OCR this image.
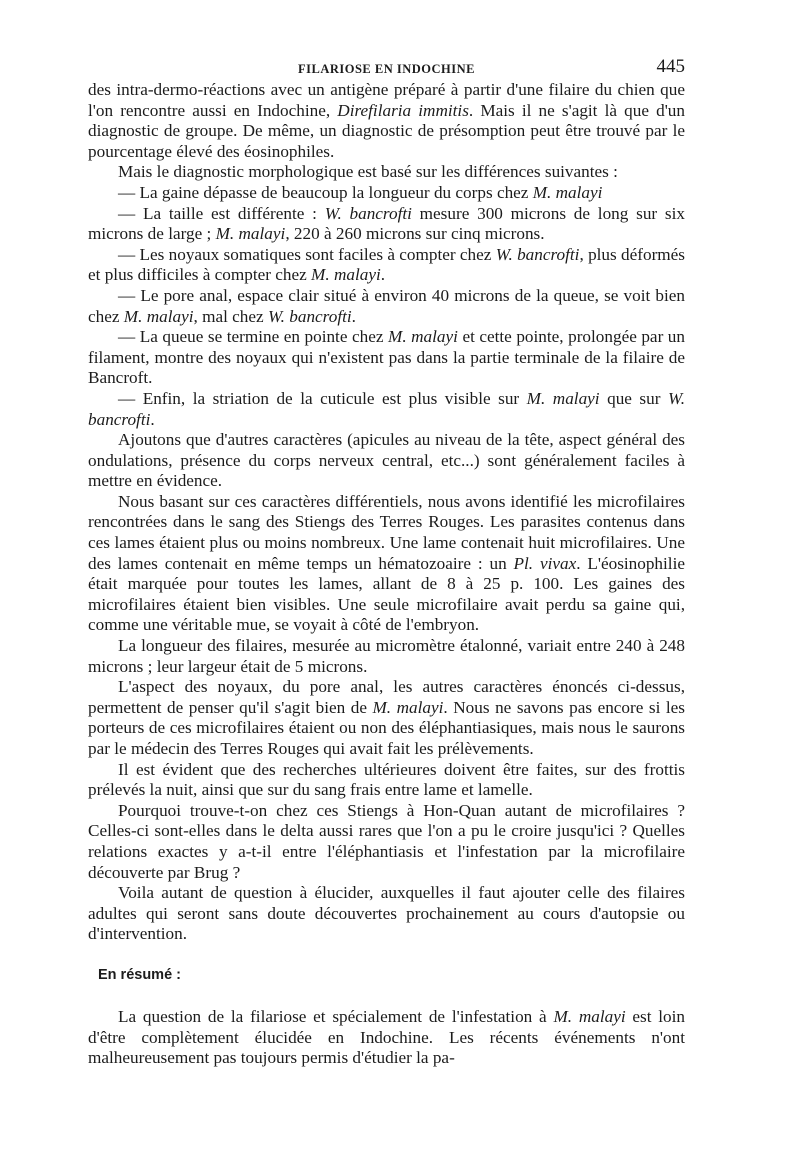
FILARIOSE EN INDOCHINE	445

des intra-dermo-réactions avec un antigène préparé à partir d'une filaire du chien que l'on rencontre aussi en Indochine, Direfilaria immitis. Mais il ne s'agit là que d'un diagnostic de groupe. De même, un diagnostic de présomption peut être trouvé par le pourcentage élevé des éosinophiles.

Mais le diagnostic morphologique est basé sur les différences suivantes :

— La gaine dépasse de beaucoup la longueur du corps chez M. malayi

— La taille est différente : W. bancrofti mesure 300 microns de long sur six microns de large ; M. malayi, 220 à 260 microns sur cinq microns.

— Les noyaux somatiques sont faciles à compter chez W. bancrofti, plus déformés et plus difficiles à compter chez M. malayi.

— Le pore anal, espace clair situé à environ 40 microns de la queue, se voit bien chez M. malayi, mal chez W. bancrofti.

— La queue se termine en pointe chez M. malayi et cette pointe, prolongée par un filament, montre des noyaux qui n'existent pas dans la partie terminale de la filaire de Bancroft.

— Enfin, la striation de la cuticule est plus visible sur M. malayi que sur W. bancrofti.

Ajoutons que d'autres caractères (apicules au niveau de la tête, aspect général des ondulations, présence du corps nerveux central, etc...) sont généralement faciles à mettre en évidence.

Nous basant sur ces caractères différentiels, nous avons identifié les microfilaires rencontrées dans le sang des Stiengs des Terres Rouges. Les parasites contenus dans ces lames étaient plus ou moins nombreux. Une lame contenait huit microfilaires. Une des lames contenait en même temps un hématozoaire : un Pl. vivax. L'éosinophilie était marquée pour toutes les lames, allant de 8 à 25 p. 100. Les gaines des microfilaires étaient bien visibles. Une seule microfilaire avait perdu sa gaine qui, comme une véritable mue, se voyait à côté de l'embryon.

La longueur des filaires, mesurée au micromètre étalonné, variait entre 240 à 248 microns ; leur largeur était de 5 microns.

L'aspect des noyaux, du pore anal, les autres caractères énoncés ci-dessus, permettent de penser qu'il s'agit bien de M. malayi. Nous ne savons pas encore si les porteurs de ces microfilaires étaient ou non des éléphantiasiques, mais nous le saurons par le médecin des Terres Rouges qui avait fait les prélèvements.

Il est évident que des recherches ultérieures doivent être faites, sur des frottis prélevés la nuit, ainsi que sur du sang frais entre lame et lamelle.

Pourquoi trouve-t-on chez ces Stiengs à Hon-Quan autant de microfilaires ? Celles-ci sont-elles dans le delta aussi rares que l'on a pu le croire jusqu'ici ? Quelles relations exactes y a-t-il entre l'éléphantiasis et l'infestation par la microfilaire découverte par Brug ?

Voila autant de question à élucider, auxquelles il faut ajouter celle des filaires adultes qui seront sans doute découvertes prochainement au cours d'autopsie ou d'intervention.

En résumé :

La question de la filariose et spécialement de l'infestation à M. malayi est loin d'être complètement élucidée en Indochine. Les récents événements n'ont malheureusement pas toujours permis d'étudier la pa-
